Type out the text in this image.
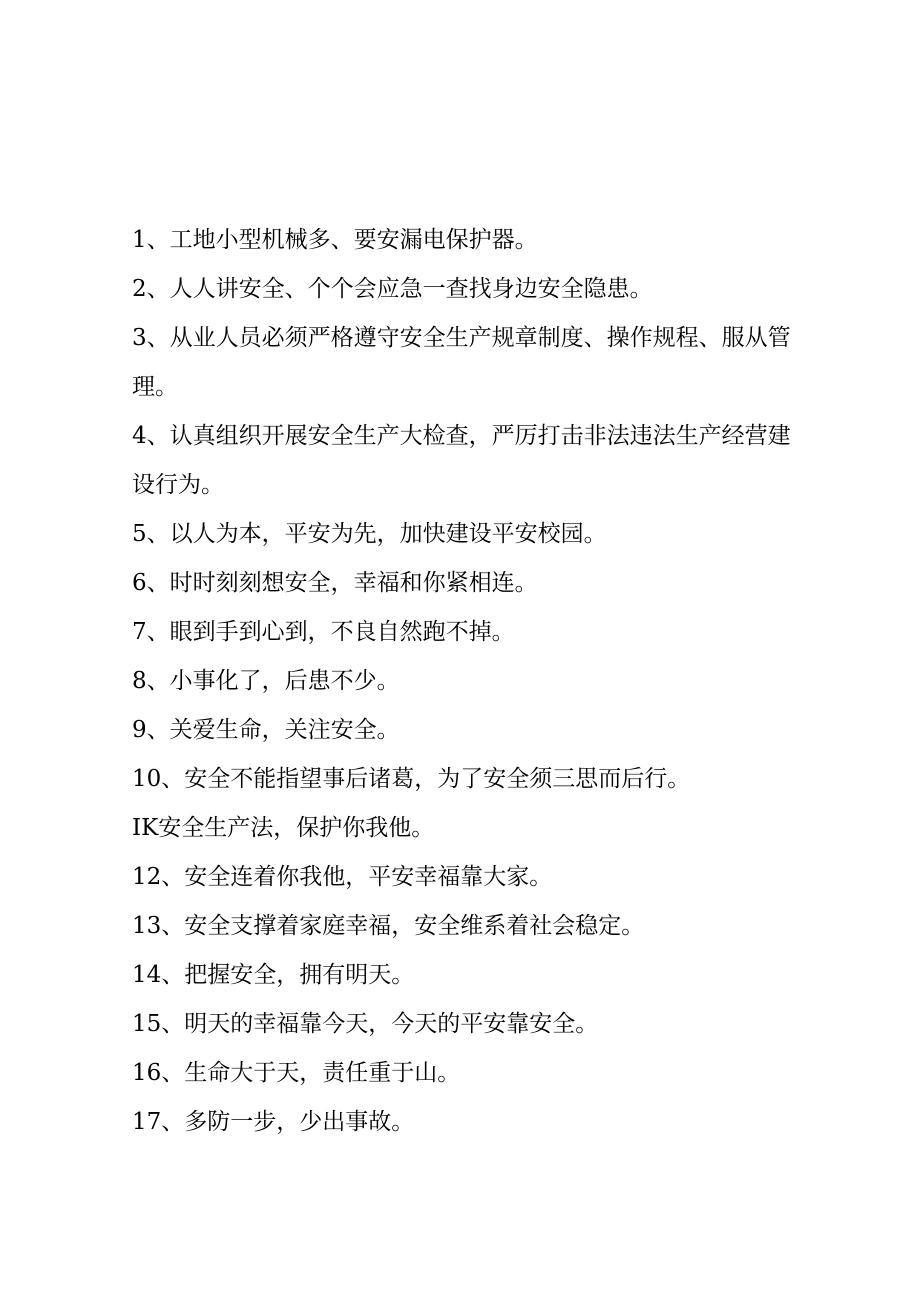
1、工地小型机械多、要安漏电保护器。

2、人人讲安全、个个会应急一查找身边安全隐患。

3、从业人员必须严格遵守安全生产规章制度、操作规程、服从管理。

4、认真组织开展安全生产大检查，严厉打击非法违法生产经营建设行为。

5、以人为本，平安为先，加快建设平安校园。

6、时时刻刻想安全，幸福和你紧相连。

7、眼到手到心到，不良自然跑不掉。

8、小事化了，后患不少。

9、关爱生命，关注安全。

10、安全不能指望事后诸葛，为了安全须三思而后行。

IK安全生产法，保护你我他。

12、安全连着你我他，平安幸福靠大家。

13、安全支撑着家庭幸福，安全维系着社会稳定。

14、把握安全，拥有明天。

15、明天的幸福靠今天，今天的平安靠安全。

16、生命大于天，责任重于山。

17、多防一步，少出事故。
